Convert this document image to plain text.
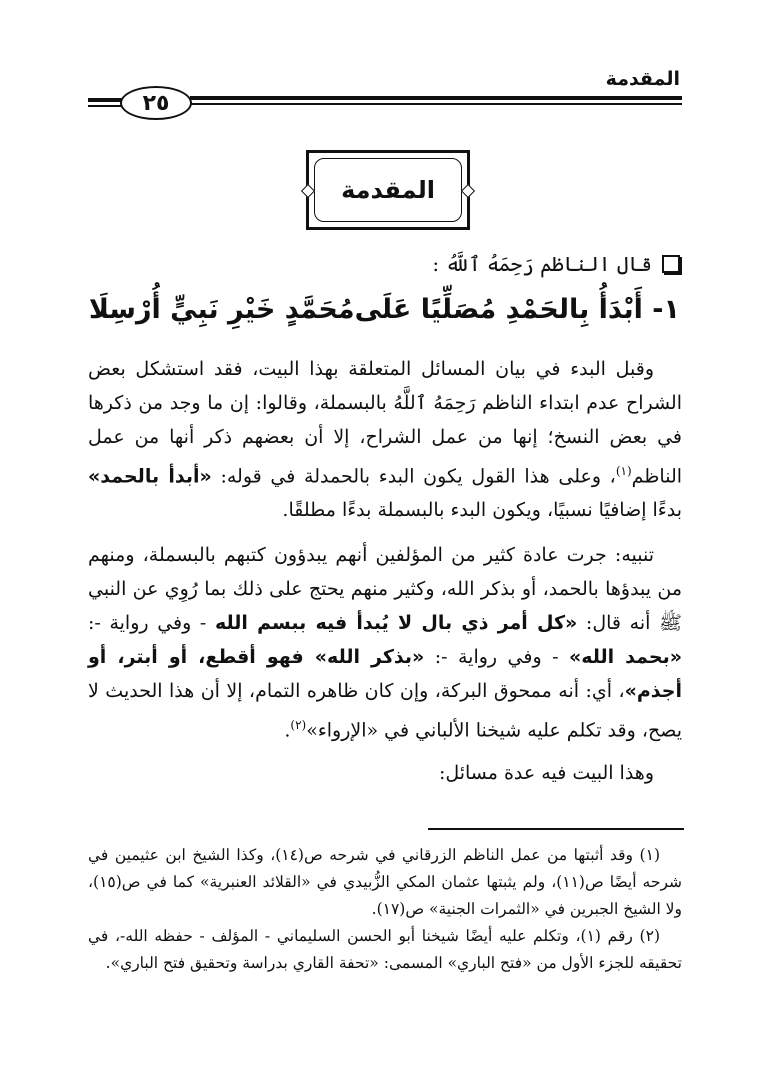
المقدمة
٢٥
المقدمة
قال الناظم رَحِمَهُ ٱللَّهُ :
١- أَبْدَأُ بِالحَمْدِ مُصَلِّيًا عَلَى
مُحَمَّدٍ خَيْرِ نَبِيٍّ أُرْسِلَا
وقبل البدء في بيان المسائل المتعلقة بهذا البيت، فقد استشكل بعض الشراح عدم ابتداء الناظم رَحِمَهُ ٱللَّهُ بالبسملة، وقالوا: إن ما وجد من ذكرها في بعض النسخ؛ إنها من عمل الشراح، إلا أن بعضهم ذكر أنها من عمل الناظم$^{(١)}$، وعلى هذا القول يكون البدء بالحمدلة في قوله: «أبدأ بالحمد» بدءًا إضافيًا نسبيًا، ويكون البدء بالبسملة بدءًا مطلقًا.
تنبيه: جرت عادة كثير من المؤلفين أنهم يبدؤون كتبهم بالبسملة، ومنهم من يبدؤها بالحمد، أو بذكر الله، وكثير منهم يحتج على ذلك بما رُوِي عن النبي ﷺ أنه قال: «كل أمر ذي بال لا يُبدأ فيه ببسم الله - وفي رواية -: «بحمد الله» - وفي رواية -: «بذكر الله» فهو أقطع، أو أبتر، أو أجذم»، أي: أنه ممحوق البركة، وإن كان ظاهره التمام، إلا أن هذا الحديث لا يصح، وقد تكلم عليه شيخنا الألباني في «الإرواء»$^{(٢)}$.
وهذا البيت فيه عدة مسائل:

(١) وقد أثبتها من عمل الناظم الزرقاني في شرحه ص(١٤)، وكذا الشيخ ابن عثيمين في شرحه أيضًا ص(١١)، ولم يثبتها عثمان المكي الزُّبيدي في «القلائد العنبرية» كما في ص(١٥)، ولا الشيخ الجبرين في «الثمرات الجنية» ص(١٧).

(٢) رقم (١)، وتكلم عليه أيضًا شيخنا أبو الحسن السليماني - المؤلف - حفظه الله-، في تحقيقه للجزء الأول من «فتح الباري» المسمى: «تحفة القاري بدراسة وتحقيق فتح الباري».
